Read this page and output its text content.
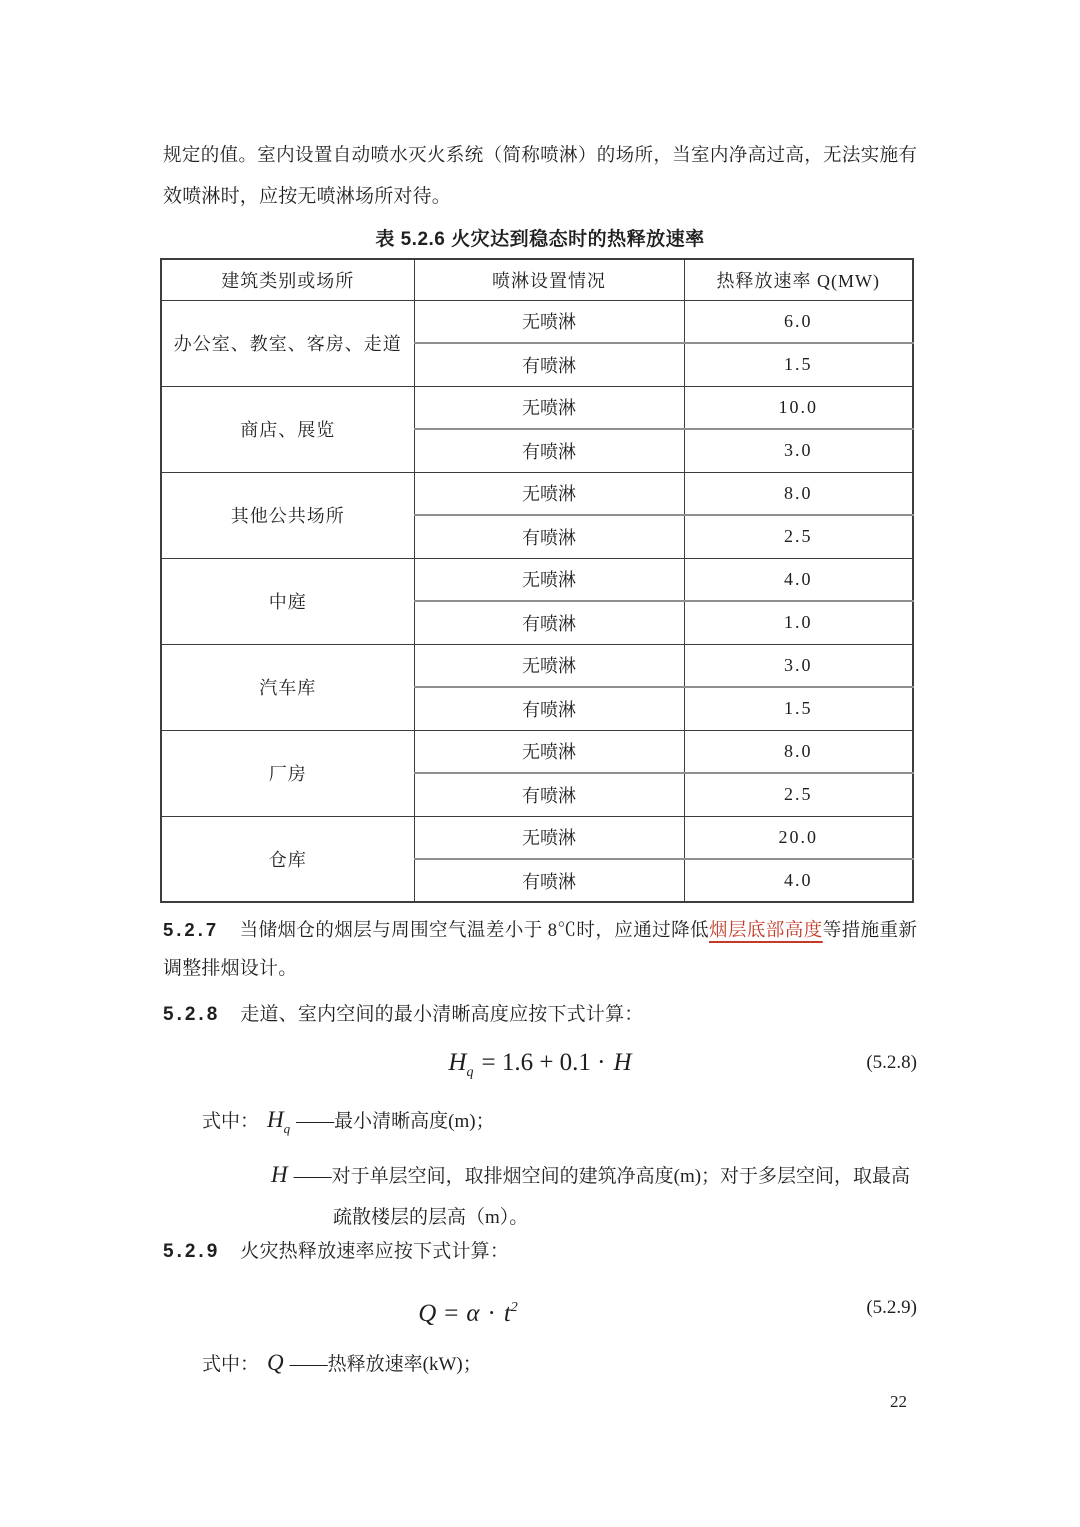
规定的值。室内设置自动喷水灭火系统（简称喷淋）的场所，当室内净高过高，无法实施有
效喷淋时，应按无喷淋场所对待。
表 5.2.6 火灾达到稳态时的热释放速率
建筑类别或场所	喷淋设置情况	热释放速率 Q(MW)
办公室、教室、客房、走道	无喷淋	6.0
	有喷淋	1.5
商店、展览	无喷淋	10.0
	有喷淋	3.0
其他公共场所	无喷淋	8.0
	有喷淋	2.5
中庭	无喷淋	4.0
	有喷淋	1.0
汽车库	无喷淋	3.0
	有喷淋	1.5
厂房	无喷淋	8.0
	有喷淋	2.5
仓库	无喷淋	20.0
	有喷淋	4.0
5.2.7 当储烟仓的烟层与周围空气温差小于 8℃时，应通过降低烟层底部高度等措施重新
调整排烟设计。
5.2.8 走道、室内空间的最小清晰高度应按下式计算：
$H_q = 1.6 + 0.1 \cdot H$	(5.2.8)
式中： $H_q$ ——最小清晰高度(m)；
H ——对于单层空间，取排烟空间的建筑净高度(m)；对于多层空间，取最高
疏散楼层的层高（m）。
5.2.9 火灾热释放速率应按下式计算：
$Q = \alpha \cdot t^2$	(5.2.9)
式中： Q ——热释放速率(kW)；
22
